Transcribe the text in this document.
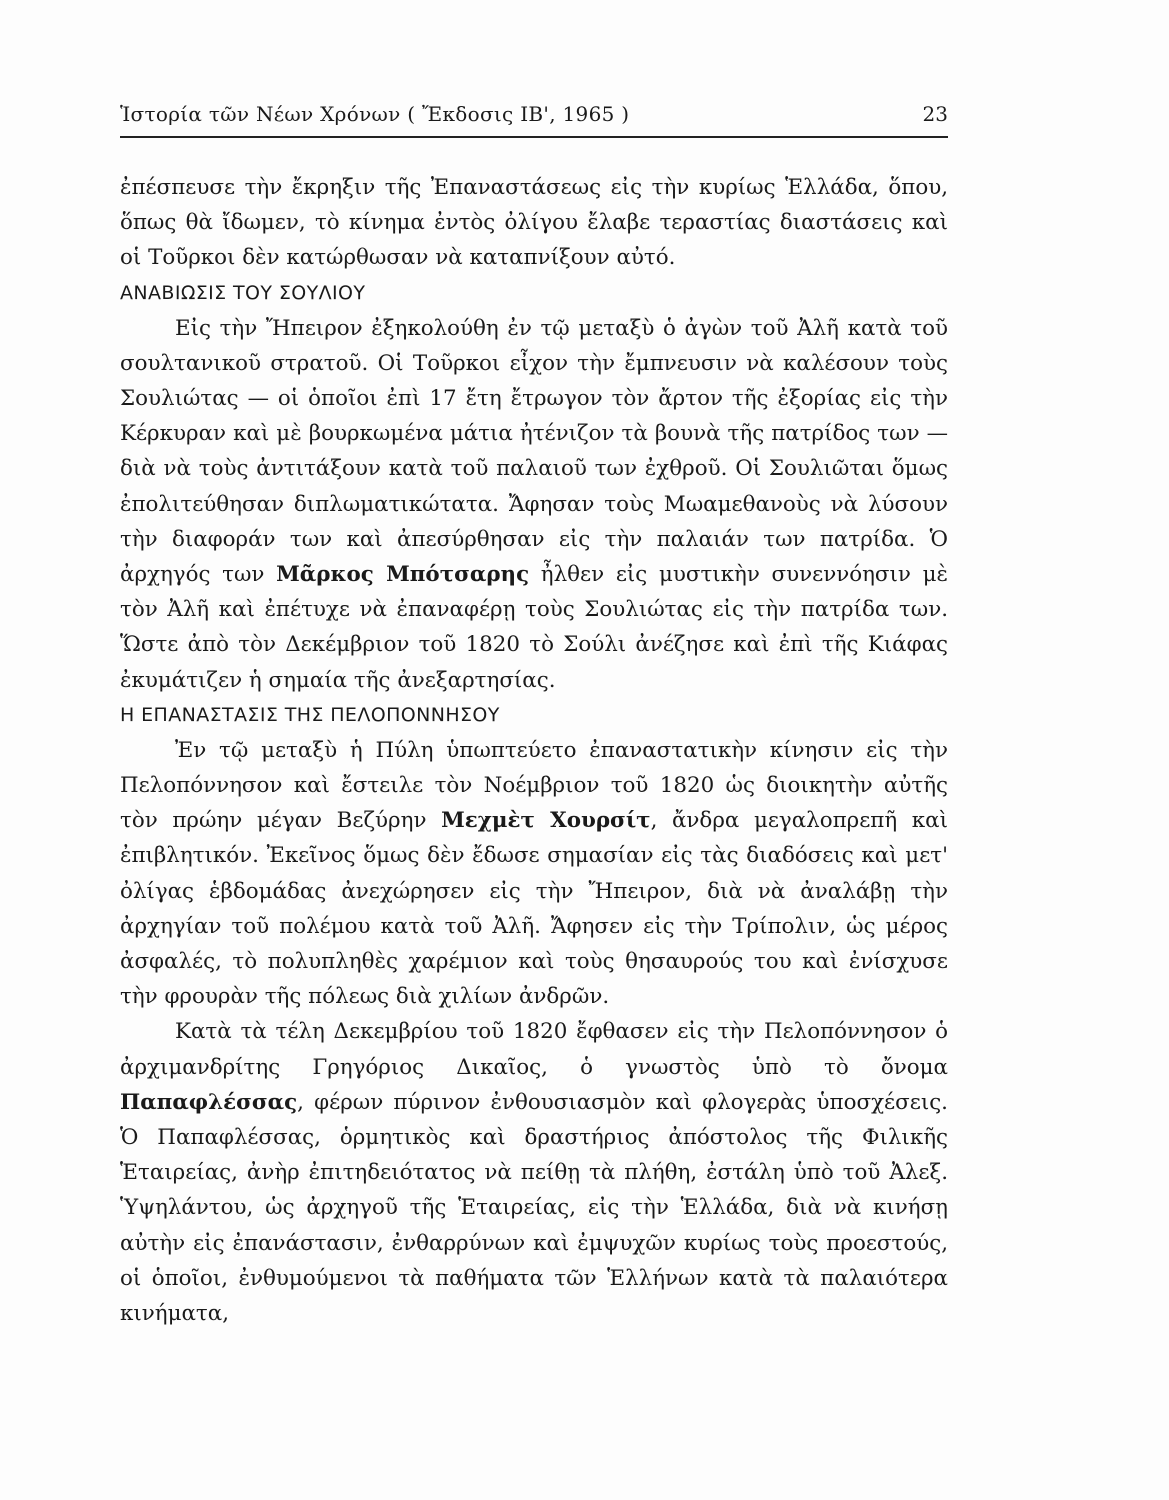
Ἱστορία τῶν Νέων Χρόνων ( Ἔκδοσις ΙΒ', 1965 )	23

ἐπέσπευσε τὴν ἔκρηξιν τῆς Ἐπαναστάσεως εἰς τὴν κυρίως Ἑλλάδα, ὅπου, ὅπως θὰ ἴδωμεν, τὸ κίνημα ἐντὸς ὀλίγου ἔλαβε τεραστίας διαστάσεις καὶ οἱ Τοῦρκοι δὲν κατώρθωσαν νὰ καταπνίξουν αὐτό.

ΑΝΑΒΙΩΣΙΣ ΤΟΥ ΣΟΥΛΙΟΥ

Εἰς τὴν Ἤπειρον ἐξηκολούθη ἐν τῷ μεταξὺ ὁ ἀγὼν τοῦ Ἀλῆ κατὰ τοῦ σουλτανικοῦ στρατοῦ. Οἱ Τοῦρκοι εἶχον τὴν ἔμπνευσιν νὰ καλέσουν τοὺς Σουλιώτας — οἱ ὁποῖοι ἐπὶ 17 ἔτη ἔτρωγον τὸν ἄρτον τῆς ἐξορίας εἰς τὴν Κέρκυραν καὶ μὲ βουρκωμένα μάτια ἠτένιζον τὰ βουνὰ τῆς πατρίδος των — διὰ νὰ τοὺς ἀντιτάξουν κατὰ τοῦ παλαιοῦ των ἐχθροῦ. Οἱ Σουλιῶται ὅμως ἐπολιτεύθησαν διπλωματικώτατα. Ἄφησαν τοὺς Μωαμεθανοὺς νὰ λύσουν τὴν διαφοράν των καὶ ἀπεσύρθησαν εἰς τὴν παλαιάν των πατρίδα. Ὁ ἀρχηγός των Μᾶρκος Μπότσαρης ἦλθεν εἰς μυστικὴν συνεννόησιν μὲ τὸν Ἀλῆ καὶ ἐπέτυχε νὰ ἐπαναφέρῃ τοὺς Σουλιώτας εἰς τὴν πατρίδα των. Ὥστε ἀπὸ τὸν Δεκέμβριον τοῦ 1820 τὸ Σούλι ἀνέζησε καὶ ἐπὶ τῆς Κιάφας ἐκυμάτιζεν ἡ σημαία τῆς ἀνεξαρτησίας.

Η ΕΠΑΝΑΣΤΑΣΙΣ ΤΗΣ ΠΕΛΟΠΟΝΝΗΣΟΥ

Ἐν τῷ μεταξὺ ἡ Πύλη ὑπωπτεύετο ἐπαναστατικὴν κίνησιν εἰς τὴν Πελοπόννησον καὶ ἔστειλε τὸν Νοέμβριον τοῦ 1820 ὡς διοικητὴν αὐτῆς τὸν πρώην μέγαν Βεζύρην Μεχμὲτ Χουρσίτ, ἄνδρα μεγαλοπρεπῆ καὶ ἐπιβλητικόν. Ἐκεῖνος ὅμως δὲν ἔδωσε σημασίαν εἰς τὰς διαδόσεις καὶ μετ' ὀλίγας ἑβδομάδας ἀνεχώρησεν εἰς τὴν Ἤπειρον, διὰ νὰ ἀναλάβῃ τὴν ἀρχηγίαν τοῦ πολέμου κατὰ τοῦ Ἀλῆ. Ἄφησεν εἰς τὴν Τρίπολιν, ὡς μέρος ἀσφαλές, τὸ πολυπληθὲς χαρέμιον καὶ τοὺς θησαυρούς του καὶ ἐνίσχυσε τὴν φρουρὰν τῆς πόλεως διὰ χιλίων ἀνδρῶν.

Κατὰ τὰ τέλη Δεκεμβρίου τοῦ 1820 ἔφθασεν εἰς τὴν Πελοπόννησον ὁ ἀρχιμανδρίτης Γρηγόριος Δικαῖος, ὁ γνωστὸς ὑπὸ τὸ ὄνομα Παπαφλέσσας, φέρων πύρινον ἐνθουσιασμὸν καὶ φλογερὰς ὑποσχέσεις. Ὁ Παπαφλέσσας, ὁρμητικὸς καὶ δραστήριος ἀπόστολος τῆς Φιλικῆς Ἑταιρείας, ἀνὴρ ἐπιτηδειότατος νὰ πείθῃ τὰ πλήθη, ἐστάλη ὑπὸ τοῦ Ἀλεξ. Ὑψηλάντου, ὡς ἀρχηγοῦ τῆς Ἑταιρείας, εἰς τὴν Ἑλλάδα, διὰ νὰ κινήσῃ αὐτὴν εἰς ἐπανάστασιν, ἐνθαρρύνων καὶ ἐμψυχῶν κυρίως τοὺς προεστούς, οἱ ὁποῖοι, ἐνθυμούμενοι τὰ παθήματα τῶν Ἑλλήνων κατὰ τὰ παλαιότερα κινήματα,
